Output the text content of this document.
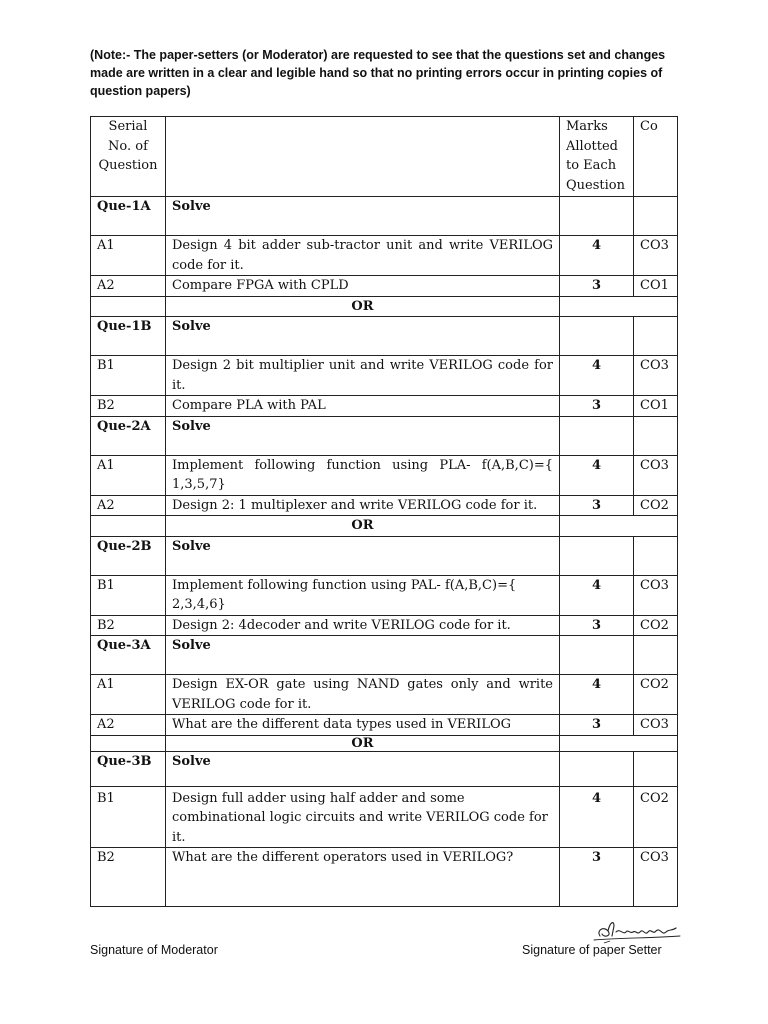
(Note:- The paper-setters (or Moderator) are requested to see that the questions set and changes made are written in a clear and legible hand so that no printing errors occur in printing copies of question papers)
Serial No. of Question		Marks Allotted to Each Question	Co
Que-1A	Solve		
A1	Design 4 bit adder sub-tractor unit and write VERILOG code for it.	4	CO3
A2	Compare FPGA with CPLD	3	CO1
	OR		
Que-1B	Solve		
B1	Design 2 bit multiplier unit and write VERILOG code for it.	4	CO3
B2	Compare PLA with PAL	3	CO1
Que-2A	Solve		
A1	Implement following function using PLA- f(A,B,C)={ 1,3,5,7}	4	CO3
A2	Design 2: 1 multiplexer and write VERILOG code for it.	3	CO2
	OR		
Que-2B	Solve		
B1	Implement following function using PAL- f(A,B,C)={ 2,3,4,6}	4	CO3
B2	Design 2: 4decoder and write VERILOG code for it.	3	CO2
Que-3A	Solve		
A1	Design EX-OR gate using NAND gates only and write VERILOG code for it.	4	CO2
A2	What are the different data types used in VERILOG	3	CO3
	OR		
Que-3B	Solve		
B1	Design full adder using half adder and some combinational logic circuits and write VERILOG code for it.	4	CO2
B2	What are the different operators used in VERILOG?	3	CO3
Signature of Moderator	Signature of paper Setter
